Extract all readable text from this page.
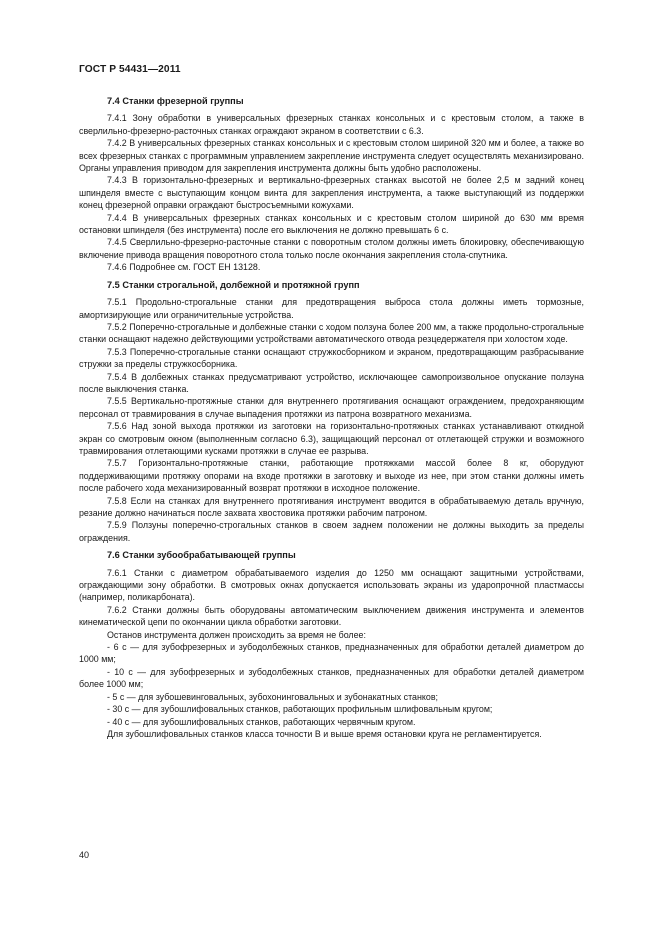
ГОСТ Р 54431—2011
7.4 Станки фрезерной группы

7.4.1 Зону обработки в универсальных фрезерных станках консольных и с крестовым столом, а также в сверлильно-фрезерно-расточных станках ограждают экраном в соответствии с 6.3.

7.4.2 В универсальных фрезерных станках консольных и с крестовым столом шириной 320 мм и более, а также во всех фрезерных станках с программным управлением закрепление инструмента следует осуществлять механизировано. Органы управления приводом для закрепления инструмента должны быть удобно расположены.

7.4.3 В горизонтально-фрезерных и вертикально-фрезерных станках высотой не более 2,5 м задний конец шпинделя вместе с выступающим концом винта для закрепления инструмента, а также выступающий из поддержки конец фрезерной оправки ограждают быстросъемными кожухами.

7.4.4 В универсальных фрезерных станках консольных и с крестовым столом шириной до 630 мм время остановки шпинделя (без инструмента) после его выключения не должно превышать 6 с.

7.4.5 Сверлильно-фрезерно-расточные станки с поворотным столом должны иметь блокировку, обеспечивающую включение привода вращения поворотного стола только после окончания закрепления стола-спутника.

7.4.6 Подробнее см. ГОСТ ЕН 13128.

7.5 Станки строгальной, долбежной и протяжной групп

7.5.1 Продольно-строгальные станки для предотвращения выброса стола должны иметь тормозные, амортизирующие или ограничительные устройства.

7.5.2 Поперечно-строгальные и долбежные станки с ходом ползуна более 200 мм, а также продольно-строгальные станки оснащают надежно действующими устройствами автоматического отвода резцедержателя при холостом ходе.

7.5.3 Поперечно-строгальные станки оснащают стружкосборником и экраном, предотвращающим разбрасывание стружки за пределы стружкосборника.

7.5.4 В долбежных станках предусматривают устройство, исключающее самопроизвольное опускание ползуна после выключения станка.

7.5.5 Вертикально-протяжные станки для внутреннего протягивания оснащают ограждением, предохраняющим персонал от травмирования в случае выпадения протяжки из патрона возвратного механизма.

7.5.6 Над зоной выхода протяжки из заготовки на горизонтально-протяжных станках устанавливают откидной экран со смотровым окном (выполненным согласно 6.3), защищающий персонал от отлетающей стружки и возможного травмирования отлетающими кусками протяжки в случае ее разрыва.

7.5.7 Горизонтально-протяжные станки, работающие протяжками массой более 8 кг, оборудуют поддерживающими протяжку опорами на входе протяжки в заготовку и выходе из нее, при этом станки должны иметь после рабочего хода механизированный возврат протяжки в исходное положение.

7.5.8 Если на станках для внутреннего протягивания инструмент вводится в обрабатываемую деталь вручную, резание должно начинаться после захвата хвостовика протяжки рабочим патроном.

7.5.9 Ползуны поперечно-строгальных станков в своем заднем положении не должны выходить за пределы ограждения.

7.6 Станки зубообрабатывающей группы

7.6.1 Станки с диаметром обрабатываемого изделия до 1250 мм оснащают защитными устройствами, ограждающими зону обработки. В смотровых окнах допускается использовать экраны из ударопрочной пластмассы (например, поликарбоната).

7.6.2 Станки должны быть оборудованы автоматическим выключением движения инструмента и элементов кинематической цепи по окончании цикла обработки заготовки.

Останов инструмента должен происходить за время не более:

- 6 с — для зубофрезерных и зубодолбежных станков, предназначенных для обработки деталей диаметром до 1000 мм;

- 10 с — для зубофрезерных и зубодолбежных станков, предназначенных для обработки деталей диаметром более 1000 мм;

- 5 с — для зубошевинговальных, зубохонинговальных и зубонакатных станков;

- 30 с — для зубошлифовальных станков, работающих профильным шлифовальным кругом;

- 40 с — для зубошлифовальных станков, работающих червячным кругом.

Для зубошлифовальных станков класса точности В и выше время остановки круга не регламентируется.

40
